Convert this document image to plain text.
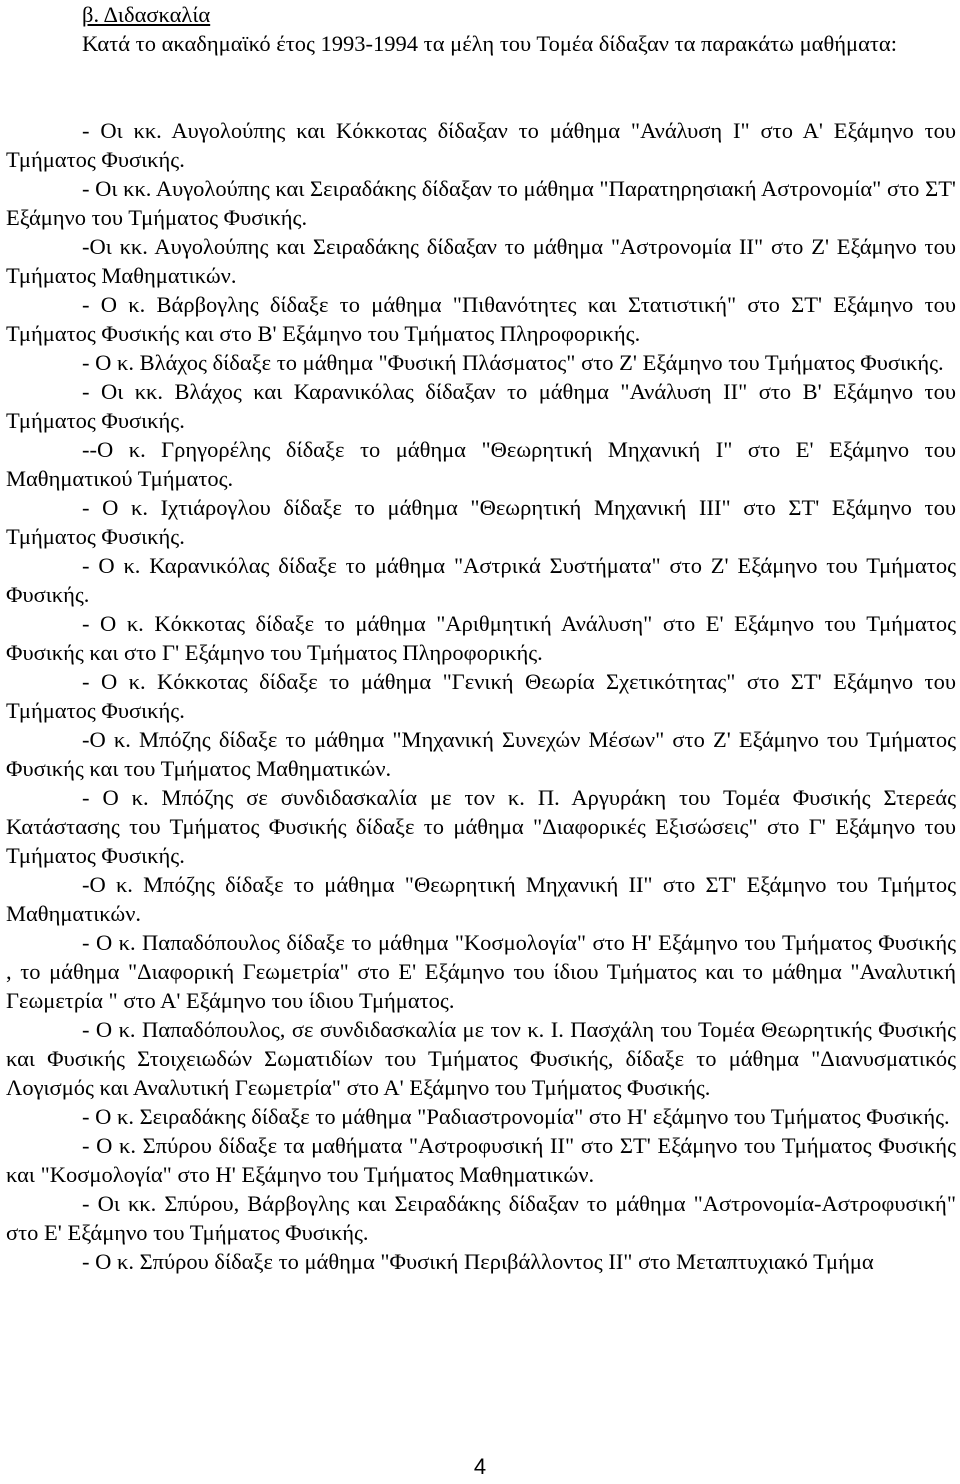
β. Διδασκαλία

Κατά το ακαδημαϊκό έτος 1993-1994 τα μέλη του Τομέα δίδαξαν τα παρακάτω μαθήματα:

- Οι κκ. Αυγολούπης και Κόκκοτας δίδαξαν το μάθημα "Ανάλυση Ι" στο Α' Εξάμηνο του Τμήματος Φυσικής.

- Οι κκ. Αυγολούπης και Σειραδάκης δίδαξαν το μάθημα "Παρατηρησιακή Αστρονομία" στο ΣΤ' Εξάμηνο του Τμήματος Φυσικής.

-Οι κκ. Αυγολούπης και Σειραδάκης δίδαξαν το μάθημα "Αστρονομία ΙΙ" στο Ζ' Εξάμηνο του Τμήματος Μαθηματικών.

- Ο κ. Βάρβογλης δίδαξε το μάθημα "Πιθανότητες και Στατιστική" στο ΣΤ' Εξάμηνο του Τμήματος Φυσικής και στο Β' Εξάμηνο του Τμήματος Πληροφορικής.

- Ο κ. Βλάχος δίδαξε το μάθημα "Φυσική Πλάσματος" στο Ζ' Εξάμηνο του Τμήματος Φυσικής.

- Οι κκ. Βλάχος και Καρανικόλας δίδαξαν το μάθημα "Ανάλυση ΙΙ" στο Β' Εξάμηνο του Τμήματος Φυσικής.

--Ο κ. Γρηγορέλης δίδαξε το μάθημα "Θεωρητική Μηχανική Ι" στο Ε' Εξάμηνο του Μαθηματικού Τμήματος.

- Ο κ. Ιχτιάρογλου δίδαξε το μάθημα "Θεωρητική Μηχανική ΙΙΙ" στο ΣΤ' Εξάμηνο του Τμήματος Φυσικής.

- Ο κ. Καρανικόλας δίδαξε το μάθημα "Αστρικά Συστήματα" στο Ζ' Εξάμηνο του Τμήματος Φυσικής.

- Ο κ. Κόκκοτας δίδαξε το μάθημα "Αριθμητική Ανάλυση" στο Ε' Εξάμηνο του Τμήματος Φυσικής και στο Γ' Εξάμηνο του Τμήματος Πληροφορικής.

- Ο κ. Κόκκοτας δίδαξε το μάθημα "Γενική Θεωρία Σχετικότητας" στο ΣΤ' Εξάμηνο του Τμήματος Φυσικής.

-Ο κ. Μπόζης δίδαξε το μάθημα "Μηχανική Συνεχών Μέσων" στο Ζ' Εξάμηνο του Τμήματος Φυσικής και του Τμήματος Μαθηματικών.

- Ο κ. Μπόζης σε συνδιδασκαλία με τον κ. Π. Αργυράκη του Τομέα Φυσικής Στερεάς Κατάστασης του Τμήματος Φυσικής δίδαξε το μάθημα "Διαφορικές Εξισώσεις" στο Γ' Εξάμηνο του Τμήματος Φυσικής.

-Ο κ. Μπόζης δίδαξε το μάθημα "Θεωρητική Μηχανική ΙΙ" στο ΣΤ' Εξάμηνο του Τμήμτος Μαθηματικών.

- Ο κ. Παπαδόπουλος δίδαξε το μάθημα "Κοσμολογία" στο Η' Εξάμηνο του Τμήματος Φυσικής , το μάθημα "Διαφορική Γεωμετρία" στο Ε' Εξάμηνο του ίδιου Τμήματος και το μάθημα "Αναλυτική Γεωμετρία " στο Α' Εξάμηνο του ίδιου Τμήματος.

- Ο κ. Παπαδόπουλος, σε συνδιδασκαλία με τον κ. Ι. Πασχάλη του Τομέα Θεωρητικής Φυσικής και Φυσικής Στοιχειωδών Σωματιδίων του Τμήματος Φυσικής, δίδαξε το μάθημα "Διανυσματικός Λογισμός και Αναλυτική Γεωμετρία" στο Α' Εξάμηνο του Τμήματος Φυσικής.

- Ο κ. Σειραδάκης δίδαξε το μάθημα "Ραδιαστρονομία" στο Η' εξάμηνο του Τμήματος Φυσικής.

- Ο κ. Σπύρου δίδαξε τα μαθήματα "Αστροφυσική ΙΙ" στο ΣΤ' Εξάμηνο του Τμήματος Φυσικής και "Κοσμολογία" στο Η' Εξάμηνο του Τμήματος Μαθηματικών.

- Οι κκ. Σπύρου, Βάρβογλης και Σειραδάκης δίδαξαν το μάθημα "Αστρονομία-Αστροφυσική" στο Ε' Εξάμηνο του Τμήματος Φυσικής.

- Ο κ. Σπύρου δίδαξε το μάθημα "Φυσική Περιβάλλοντος ΙΙ" στο Μεταπτυχιακό Τμήμα

4
